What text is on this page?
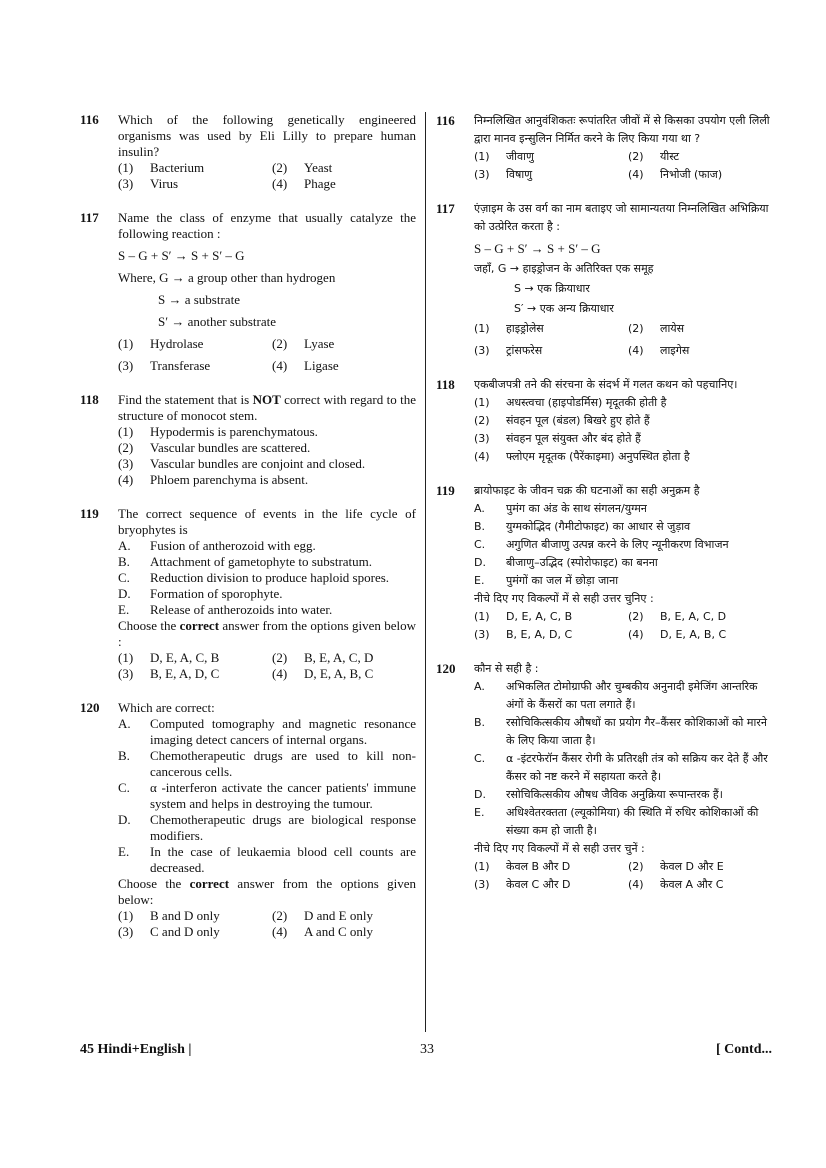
116 Which of the following genetically engineered organisms was used by Eli Lilly to prepare human insulin?
(1)	Bacterium	(2)	Yeast
(3)	Virus	(4)	Phage
117 Name the class of enzyme that usually catalyze the following reaction :
S – G + S′ → S + S′ – G
Where, G → a group other than hydrogen
S → a substrate
S′ → another substrate
(1)	Hydrolase	(2)	Lyase
(3)	Transferase	(4)	Ligase
118 Find the statement that is NOT correct with regard to the structure of monocot stem.
(1)	Hypodermis is parenchymatous.
(2)	Vascular bundles are scattered.
(3)	Vascular bundles are conjoint and closed.
(4)	Phloem parenchyma is absent.
119 The correct sequence of events in the life cycle of bryophytes is
A.	Fusion of antherozoid with egg.
B.	Attachment of gametophyte to substratum.
C.	Reduction division to produce haploid spores.
D.	Formation of sporophyte.
E.	Release of antherozoids into water.
Choose the correct answer from the options given below :
(1)	D, E, A, C, B	(2)	B, E, A, C, D
(3)	B, E, A, D, C	(4)	D, E, A, B, C
120 Which are correct:
A.	Computed tomography and magnetic resonance imaging detect cancers of internal organs.
B.	Chemotherapeutic drugs are used to kill non-cancerous cells.
C.	α -interferon activate the cancer patients' immune system and helps in destroying the tumour.
D.	Chemotherapeutic drugs are biological response modifiers.
E.	In the case of leukaemia blood cell counts are decreased.
Choose the correct answer from the options given below:
(1)	B and D only	(2)	D and E only
(3)	C and D only	(4)	A and C only
116 निम्नलिखित आनुवंशिकतः रूपांतरित जीवों में से किसका उपयोग एली लिली द्वारा मानव इन्सुलिन निर्मित करने के लिए किया गया था ?
(1)	जीवाणु	(2)	यीस्ट
(3)	विषाणु	(4)	निभोजी (फाज)
117 एंज़ाइम के उस वर्ग का नाम बताइए जो सामान्यतया निम्नलिखित अभिक्रिया को उत्प्रेरित करता है :
S – G + S′ → S + S′ – G
जहाँ, G → हाइड्रोजन के अतिरिक्त एक समूह
S → एक क्रियाधार
S′ → एक अन्य क्रियाधार
(1)	हाइड्रोलेस	(2)	लायेस
(3)	ट्रांसफरेस	(4)	लाइगेस
118 एकबीजपत्री तने की संरचना के संदर्भ में गलत कथन को पहचानिए।
(1)	अधस्त्वचा (हाइपोडर्मिस) मृदूतकी होती है
(2)	संवहन पूल (बंडल) बिखरे हुए होते हैं
(3)	संवहन पूल संयुक्त और बंद होते हैं
(4)	फ्लोएम मृदूतक (पैरेंकाइमा) अनुपस्थित होता है
119 ब्रायोफाइट के जीवन चक्र की घटनाओं का सही अनुक्रम है
A.	पुमंग का अंड के साथ संगलन/युग्मन
B.	युग्मकोद्भिद (गैमीटोफाइट) का आधार से जुड़ाव
C.	अगुणित बीजाणु उत्पन्न करने के लिए न्यूनीकरण विभाजन
D.	बीजाणु–उद्भिद (स्पोरोफाइट) का बनना
E.	पुमंगों का जल में छोड़ा जाना
नीचे दिए गए विकल्पों में से सही उत्तर चुनिए :
(1)	D, E, A, C, B	(2)	B, E, A, C, D
(3)	B, E, A, D, C	(4)	D, E, A, B, C
120 कौन से सही है :
A.	अभिकलित टोमोग्राफी और चुम्बकीय अनुनादी इमेजिंग आन्तरिक अंगों के कैंसरों का पता लगाते हैं।
B.	रसोचिकित्सकीय औषधों का प्रयोग गैर–कैंसर कोशिकाओं को मारने के लिए किया जाता है।
C.	α -इंटरफेरॉन कैंसर रोगी के प्रतिरक्षी तंत्र को सक्रिय कर देते हैं और कैंसर को नष्ट करने में सहायता करते है।
D.	रसोचिकित्सकीय औषध जैविक अनुक्रिया रूपान्तरक हैं।
E.	अधिश्वेतरक्तता (ल्यूकोमिया) की स्थिति में रुधिर कोशिकाओं की संख्या कम हो जाती है।
नीचे दिए गए विकल्पों में से सही उत्तर चुनें :
(1)	केवल B और D	(2)	केवल D और E
(3)	केवल C और D	(4)	केवल A और C
45 Hindi+English |	33	[ Contd...
